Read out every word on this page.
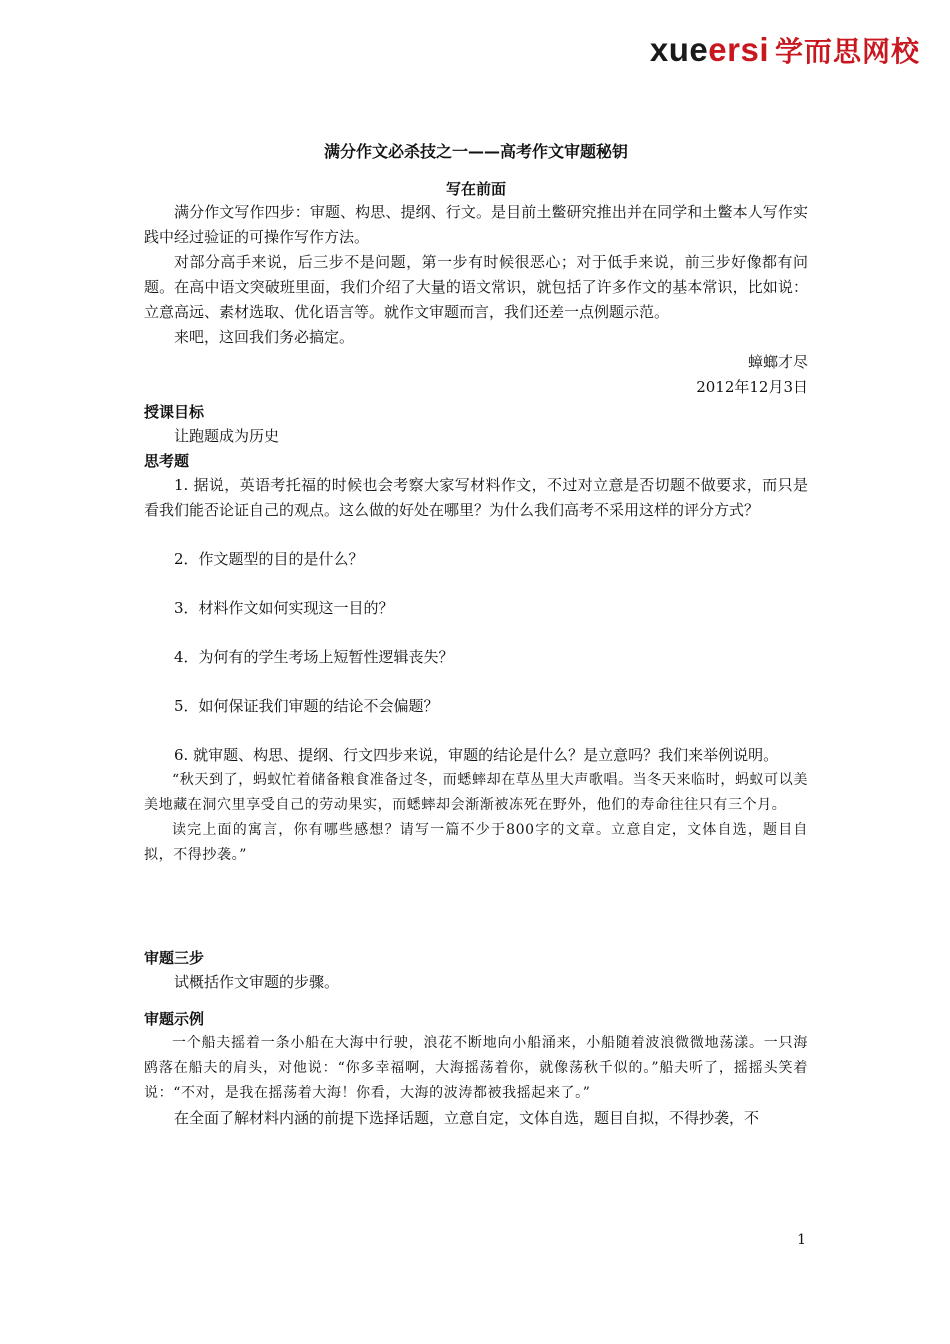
xueersi 学而思网校

满分作文必杀技之一——高考作文审题秘钥

写在前面

满分作文写作四步：审题、构思、提纲、行文。是目前土鳖研究推出并在同学和土鳖本人写作实践中经过验证的可操作写作方法。

对部分高手来说，后三步不是问题，第一步有时候很恶心；对于低手来说，前三步好像都有问题。在高中语文突破班里面，我们介绍了大量的语文常识，就包括了许多作文的基本常识，比如说：立意高远、素材选取、优化语言等。就作文审题而言，我们还差一点例题示范。

来吧，这回我们务必搞定。

蟑螂才尽

2012年12月3日

授课目标

让跑题成为历史

思考题

1. 据说，英语考托福的时候也会考察大家写材料作文，不过对立意是否切题不做要求，而只是看我们能否论证自己的观点。这么做的好处在哪里？为什么我们高考不采用这样的评分方式？

2．作文题型的目的是什么？

3．材料作文如何实现这一目的？

4．为何有的学生考场上短暂性逻辑丧失？

5．如何保证我们审题的结论不会偏题？

6. 就审题、构思、提纲、行文四步来说，审题的结论是什么？是立意吗？我们来举例说明。

“秋天到了，蚂蚁忙着储备粮食准备过冬，而蟋蟀却在草丛里大声歌唱。当冬天来临时，蚂蚁可以美美地藏在洞穴里享受自己的劳动果实，而蟋蟀却会渐渐被冻死在野外，他们的寿命往往只有三个月。

读完上面的寓言，你有哪些感想？请写一篇不少于800字的文章。立意自定，文体自选，题目自拟，不得抄袭。”

审题三步

试概括作文审题的步骤。

审题示例

一个船夫摇着一条小船在大海中行驶，浪花不断地向小船涌来，小船随着波浪微微地荡漾。一只海鸥落在船夫的肩头，对他说：“你多幸福啊，大海摇荡着你，就像荡秋千似的。”船夫听了，摇摇头笑着说：“不对，是我在摇荡着大海！你看，大海的波涛都被我摇起来了。”

在全面了解材料内涵的前提下选择话题，立意自定，文体自选，题目自拟，不得抄袭，不

1
